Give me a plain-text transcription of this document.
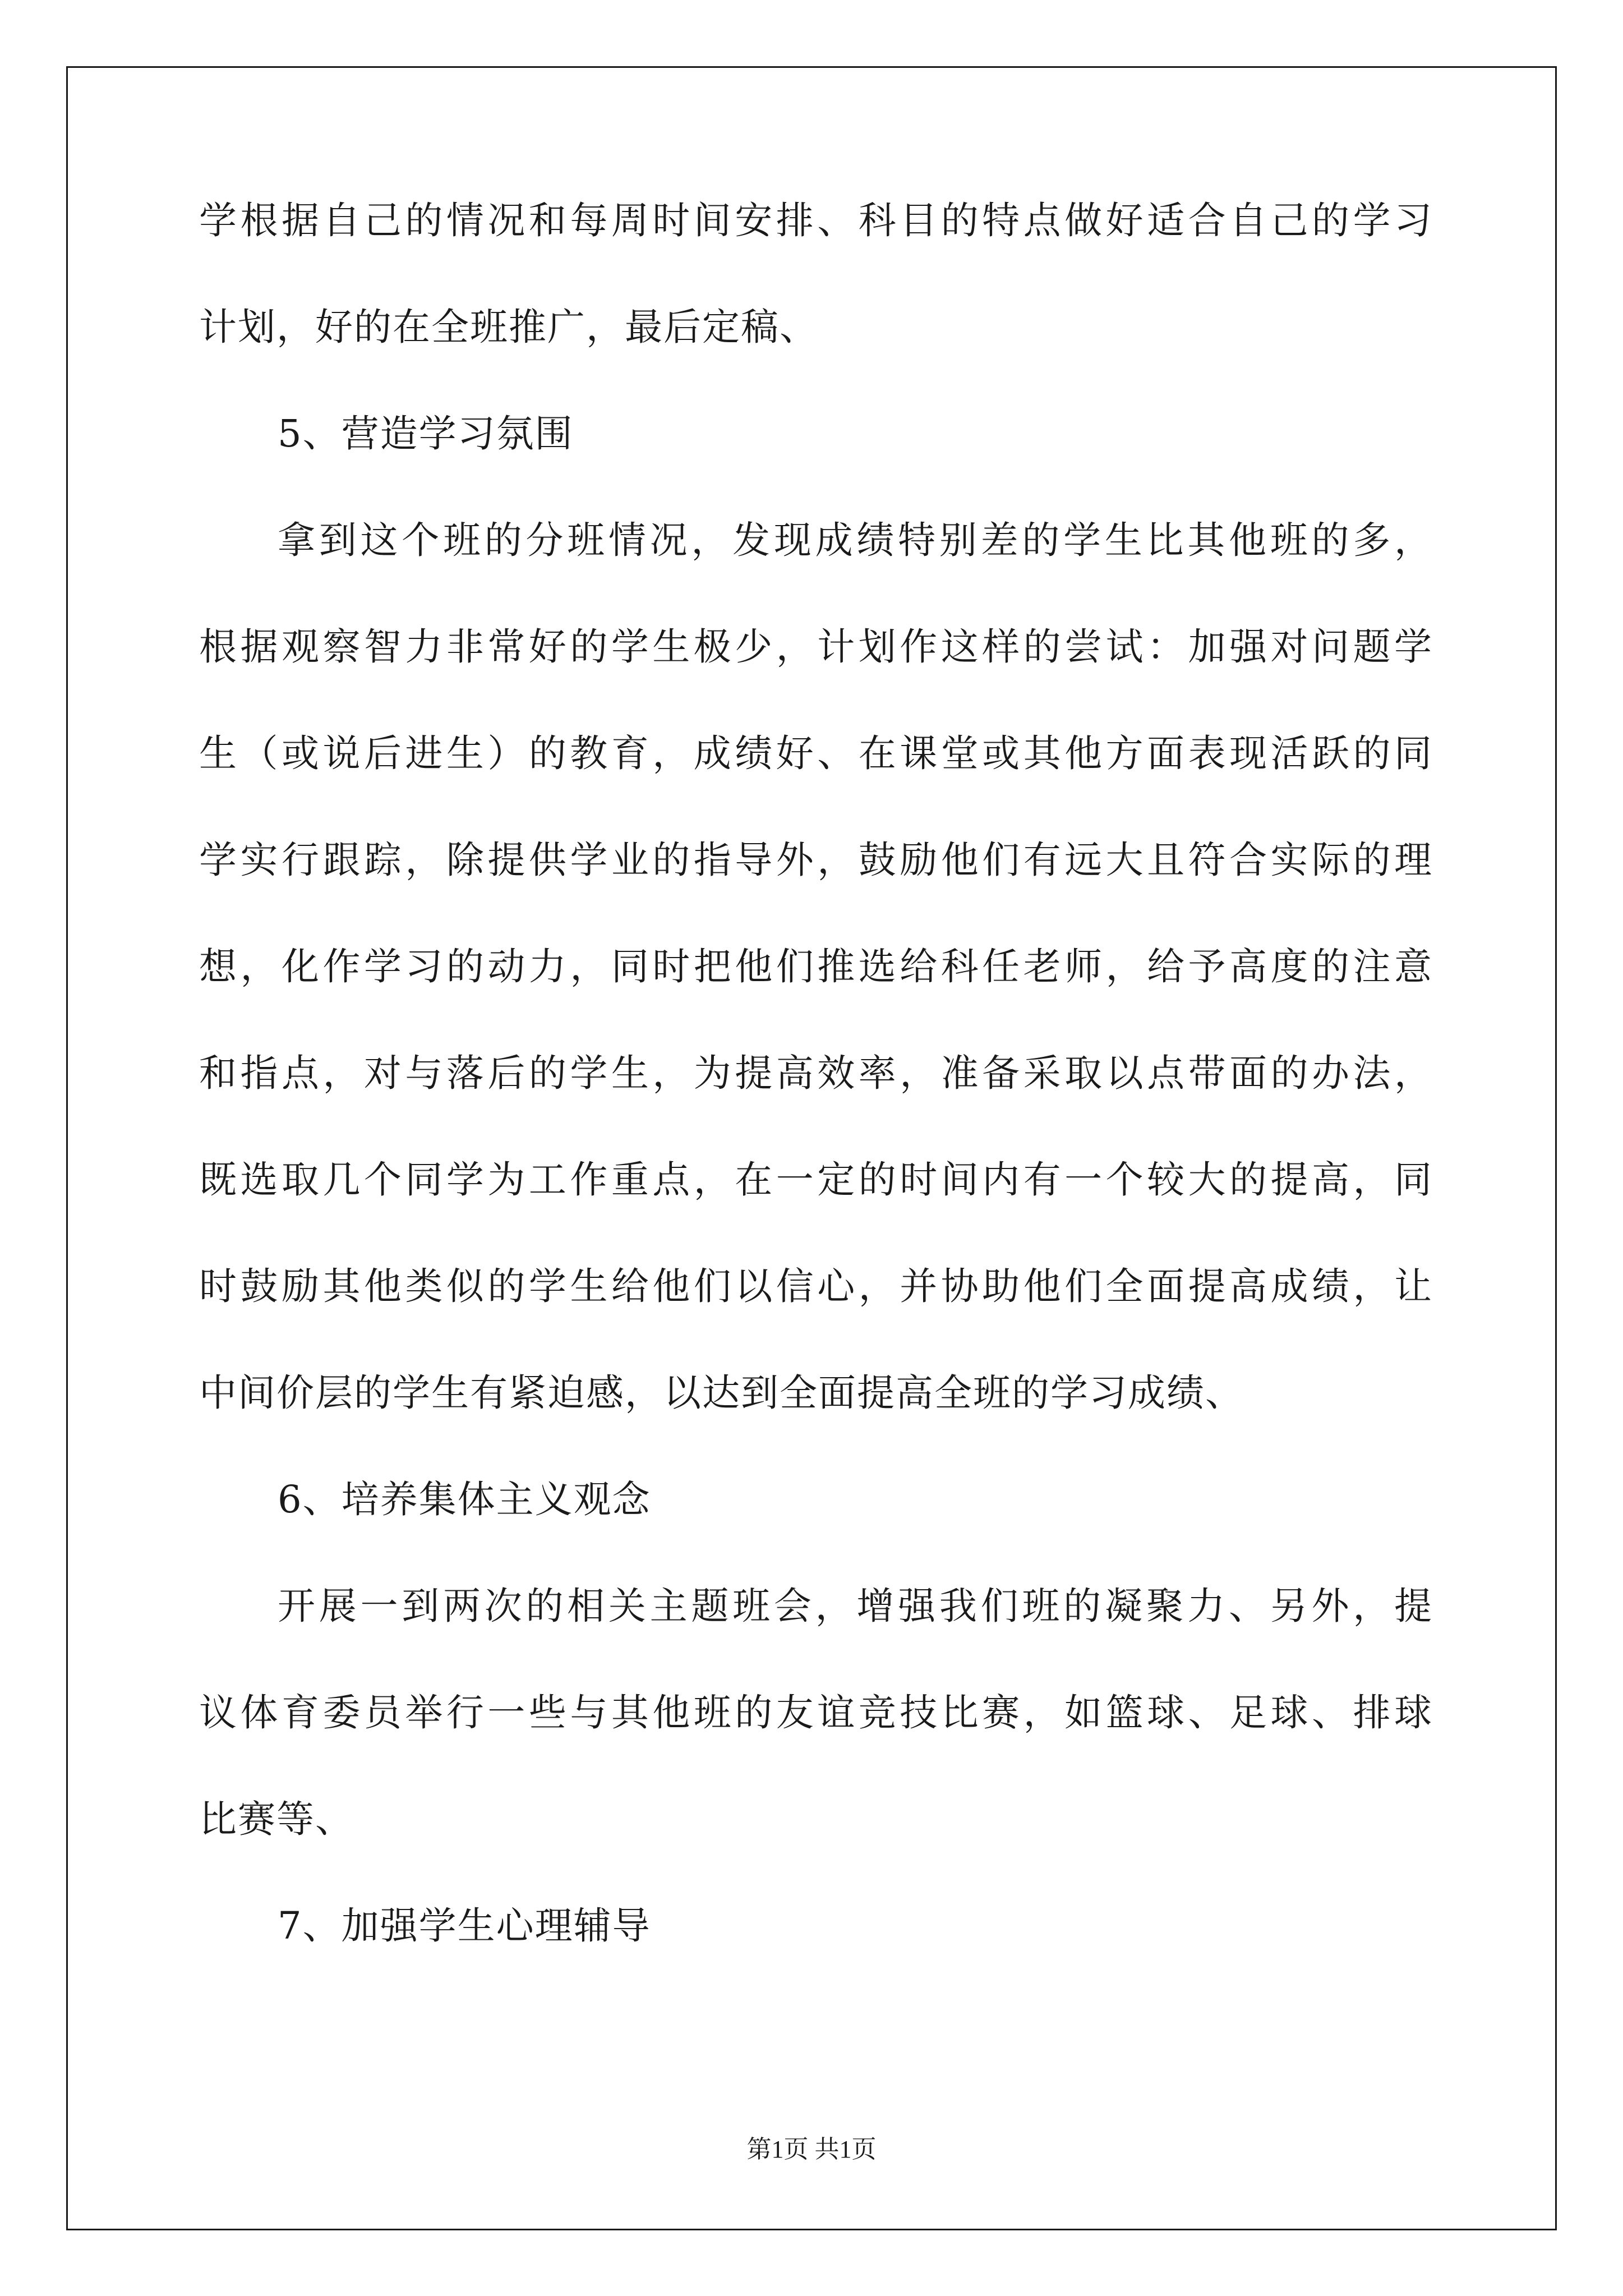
学根据自己的情况和每周时间安排、科目的特点做好适合自己的学习
计划，好的在全班推广，最后定稿、
5、营造学习氛围
拿到这个班的分班情况，发现成绩特别差的学生比其他班的多，
根据观察智力非常好的学生极少，计划作这样的尝试：加强对问题学
生（或说后进生）的教育，成绩好、在课堂或其他方面表现活跃的同
学实行跟踪，除提供学业的指导外，鼓励他们有远大且符合实际的理
想，化作学习的动力，同时把他们推选给科任老师，给予高度的注意
和指点，对与落后的学生，为提高效率，准备采取以点带面的办法，
既选取几个同学为工作重点，在一定的时间内有一个较大的提高，同
时鼓励其他类似的学生给他们以信心，并协助他们全面提高成绩，让
中间价层的学生有紧迫感，以达到全面提高全班的学习成绩、
6、培养集体主义观念
开展一到两次的相关主题班会，增强我们班的凝聚力、另外，提
议体育委员举行一些与其他班的友谊竞技比赛，如篮球、足球、排球
比赛等、
7、加强学生心理辅导
第1页 共1页
